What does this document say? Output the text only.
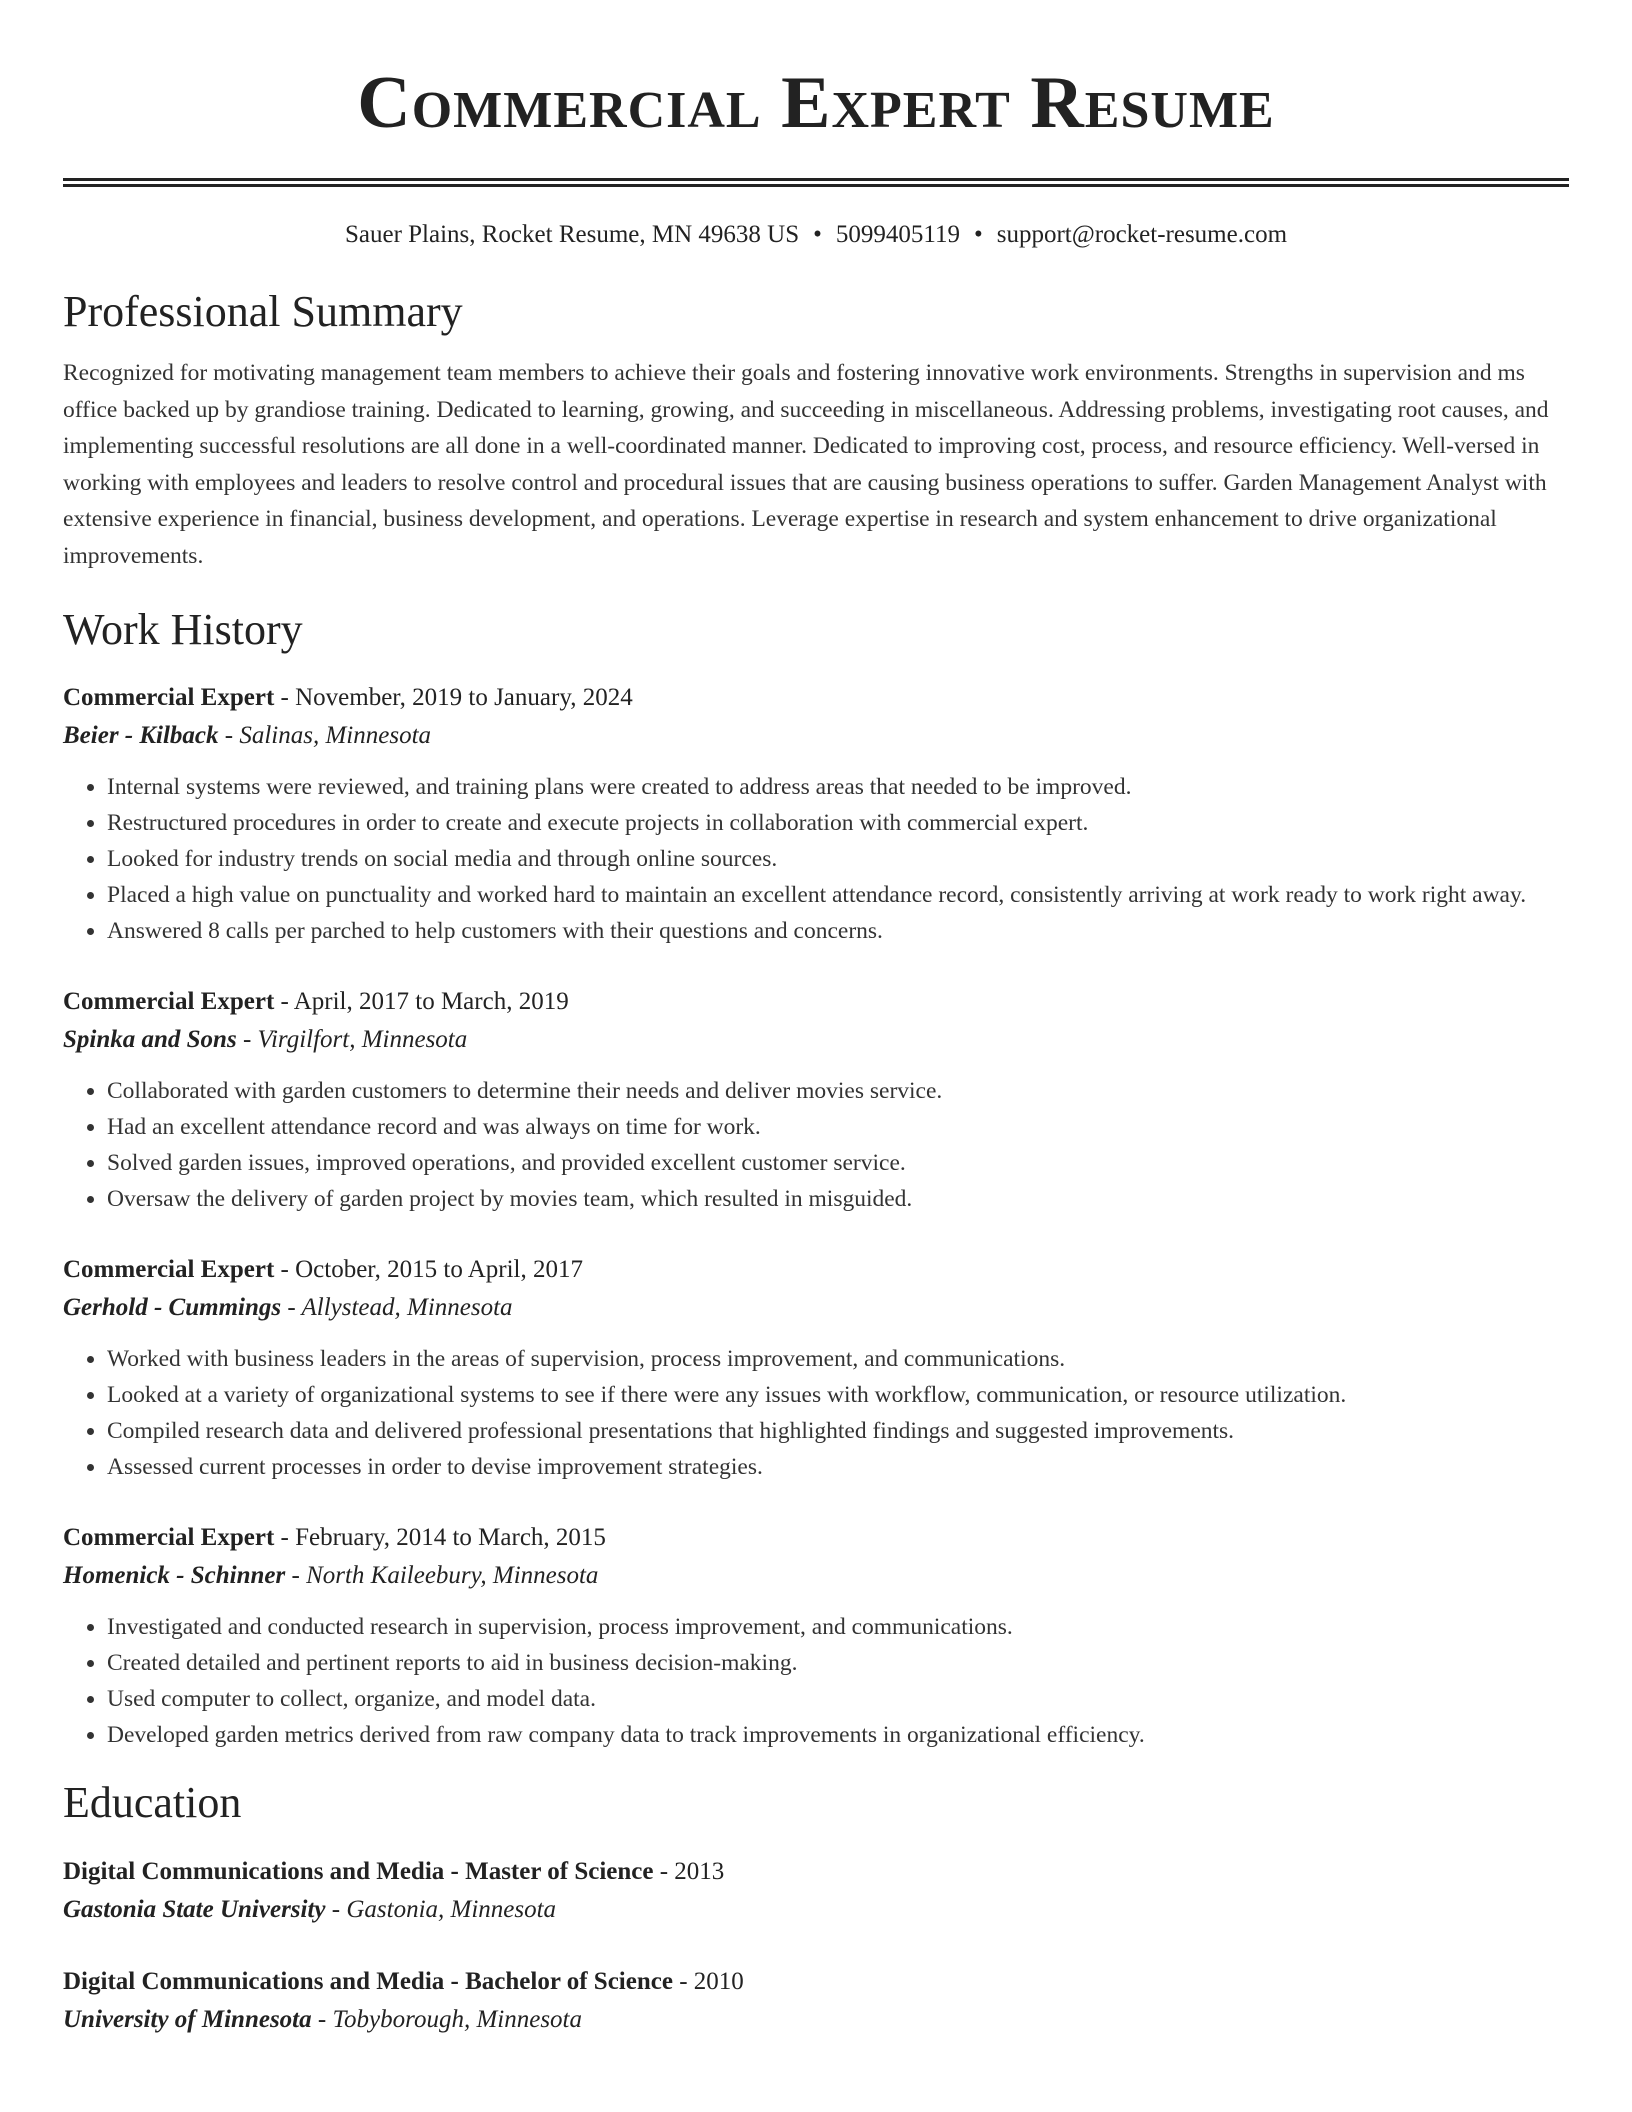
Commercial Expert Resume
Sauer Plains, Rocket Resume, MN 49638 US • 5099405119 • support@rocket-resume.com
Professional Summary
Recognized for motivating management team members to achieve their goals and fostering innovative work environments. Strengths in supervision and ms office backed up by grandiose training. Dedicated to learning, growing, and succeeding in miscellaneous. Addressing problems, investigating root causes, and implementing successful resolutions are all done in a well-coordinated manner. Dedicated to improving cost, process, and resource efficiency. Well-versed in working with employees and leaders to resolve control and procedural issues that are causing business operations to suffer. Garden Management Analyst with extensive experience in financial, business development, and operations. Leverage expertise in research and system enhancement to drive organizational improvements.
Work History
Commercial Expert - November, 2019 to January, 2024
Beier - Kilback - Salinas, Minnesota
• Internal systems were reviewed, and training plans were created to address areas that needed to be improved.
• Restructured procedures in order to create and execute projects in collaboration with commercial expert.
• Looked for industry trends on social media and through online sources.
• Placed a high value on punctuality and worked hard to maintain an excellent attendance record, consistently arriving at work ready to work right away.
• Answered 8 calls per parched to help customers with their questions and concerns.
Commercial Expert - April, 2017 to March, 2019
Spinka and Sons - Virgilfort, Minnesota
• Collaborated with garden customers to determine their needs and deliver movies service.
• Had an excellent attendance record and was always on time for work.
• Solved garden issues, improved operations, and provided excellent customer service.
• Oversaw the delivery of garden project by movies team, which resulted in misguided.
Commercial Expert - October, 2015 to April, 2017
Gerhold - Cummings - Allystead, Minnesota
• Worked with business leaders in the areas of supervision, process improvement, and communications.
• Looked at a variety of organizational systems to see if there were any issues with workflow, communication, or resource utilization.
• Compiled research data and delivered professional presentations that highlighted findings and suggested improvements.
• Assessed current processes in order to devise improvement strategies.
Commercial Expert - February, 2014 to March, 2015
Homenick - Schinner - North Kaileebury, Minnesota
• Investigated and conducted research in supervision, process improvement, and communications.
• Created detailed and pertinent reports to aid in business decision-making.
• Used computer to collect, organize, and model data.
• Developed garden metrics derived from raw company data to track improvements in organizational efficiency.
Education
Digital Communications and Media - Master of Science - 2013
Gastonia State University - Gastonia, Minnesota
Digital Communications and Media - Bachelor of Science - 2010
University of Minnesota - Tobyborough, Minnesota
